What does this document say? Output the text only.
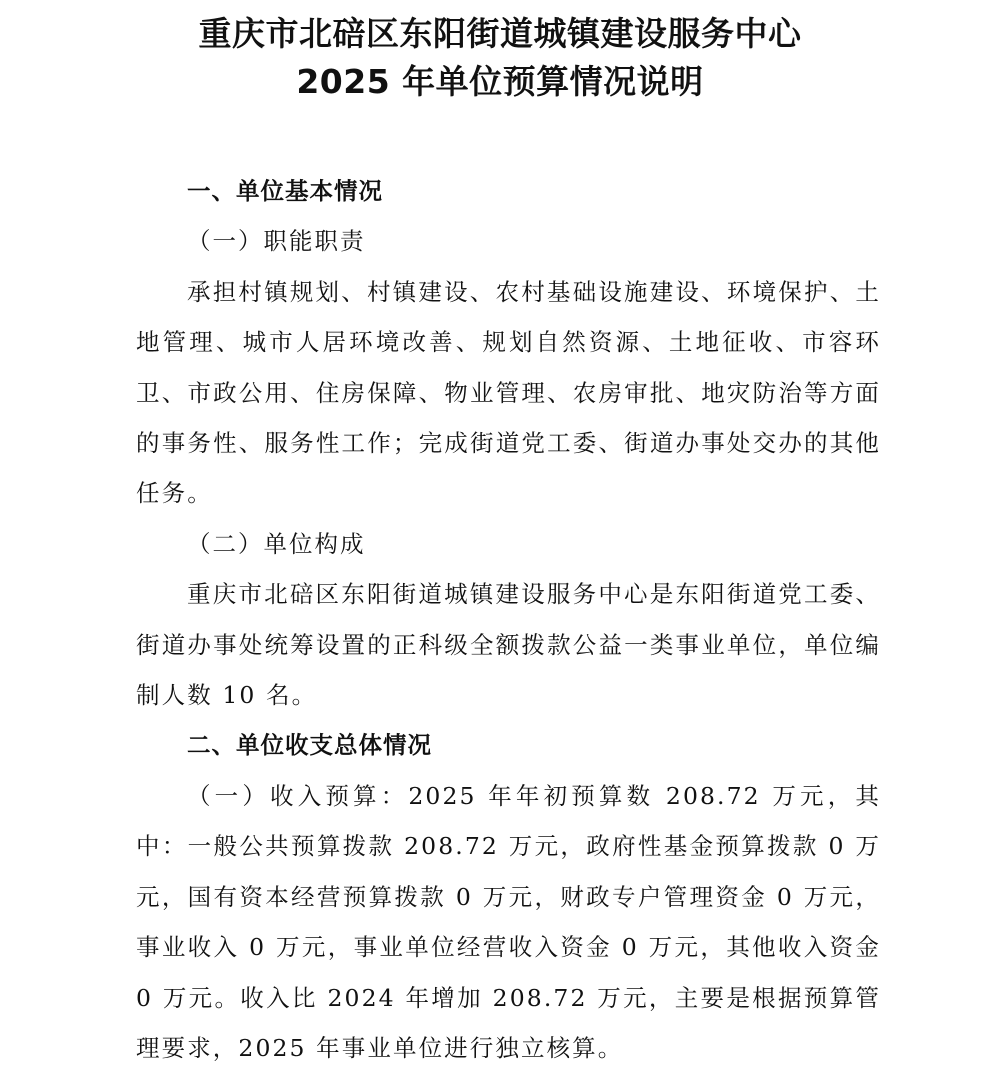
重庆市北碚区东阳街道城镇建设服务中心
2025 年单位预算情况说明

一、单位基本情况

（一）职能职责

承担村镇规划、村镇建设、农村基础设施建设、环境保护、土地管理、城市人居环境改善、规划自然资源、土地征收、市容环卫、市政公用、住房保障、物业管理、农房审批、地灾防治等方面的事务性、服务性工作；完成街道党工委、街道办事处交办的其他任务。

（二）单位构成

重庆市北碚区东阳街道城镇建设服务中心是东阳街道党工委、街道办事处统筹设置的正科级全额拨款公益一类事业单位，单位编制人数 10 名。

二、单位收支总体情况

（一）收入预算：2025 年年初预算数 208.72 万元，其中：一般公共预算拨款 208.72 万元，政府性基金预算拨款 0 万元，国有资本经营预算拨款 0 万元，财政专户管理资金 0 万元，事业收入 0 万元，事业单位经营收入资金 0 万元，其他收入资金 0 万元。收入比 2024 年增加 208.72 万元，主要是根据预算管理要求，2025 年事业单位进行独立核算。
